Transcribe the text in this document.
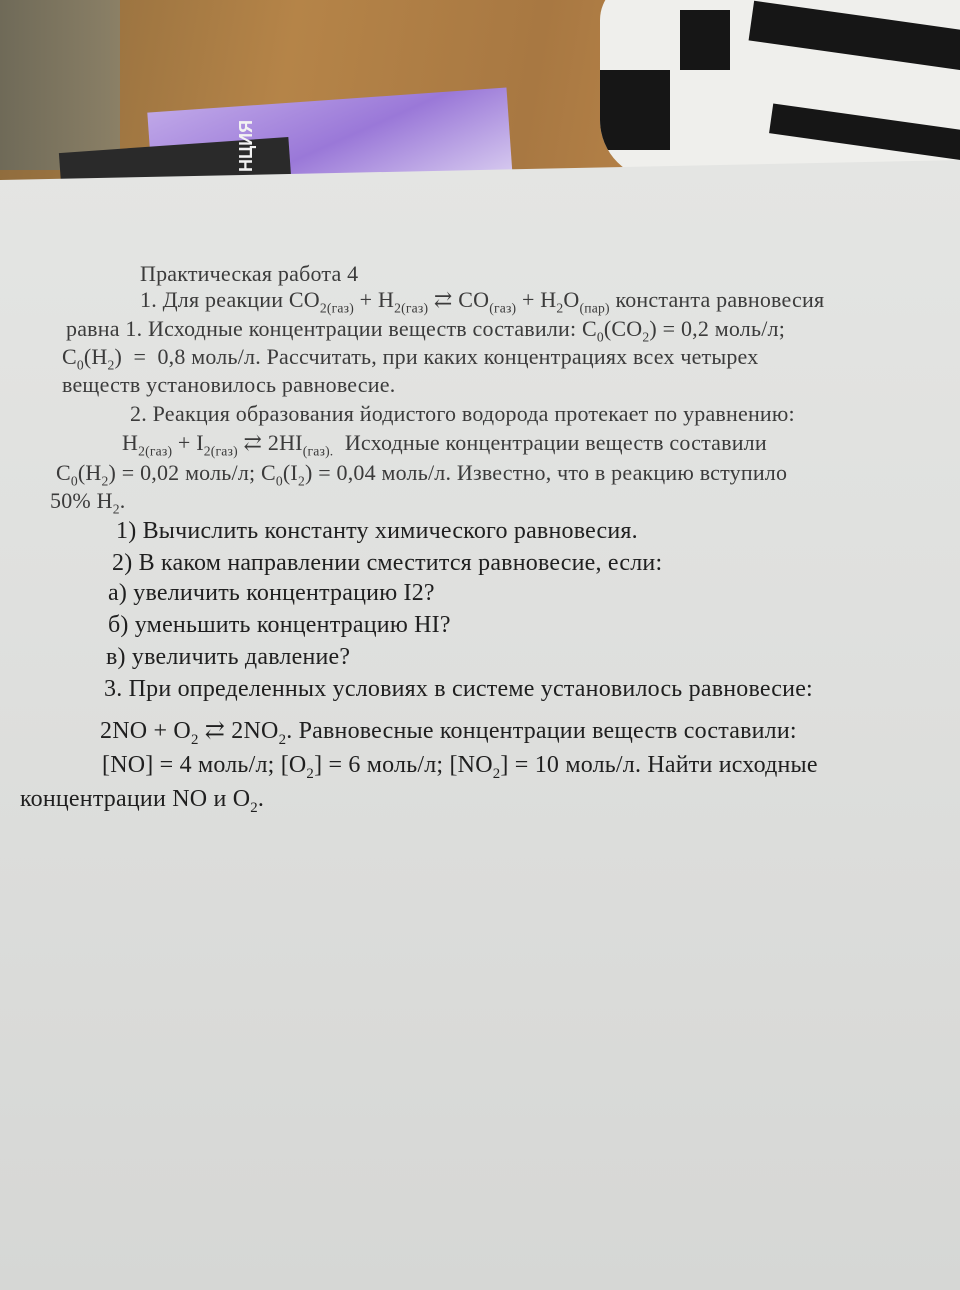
НЦИЯ
Практическая работа 4
1. Для реакции $CO_{2(газ)} + H_{2(газ)}$ ⇄ $CO_{(газ)} + H_2O_{(пар)}$ константа равновесия
равна 1. Исходные концентрации веществ составили: $C_0(CO_2) = 0,2$ моль/л;
$C_0(H_2) = 0,8$ моль/л. Рассчитать, при каких концентрациях всех четырех
веществ установилось равновесие.
2. Реакция образования йодистого водорода протекает по уравнению:
$H_{2(газ)} + I_{2(газ)}$ ⇄ $2HI_{(газ).}$  Исходные концентрации веществ составили
$C_0(H_2) = 0,02$ моль/л; $C_0(I_2) = 0,04$ моль/л. Известно, что в реакцию вступило
50% $H_2$.
1) Вычислить константу химического равновесия.
2) В каком направлении сместится равновесие, если:
а) увеличить концентрацию I2?
б) уменьшить концентрацию HI?
в) увеличить давление?
3. При определенных условиях в системе установилось равновесие:
$2NO + O_2$ ⇄ $2NO_2$. Равновесные концентрации веществ составили:
[NO] = 4 моль/л; $[O_2] = 6$ моль/л; $[NO_2] = 10$ моль/л. Найти исходные
концентрации NO и $O_2$.
